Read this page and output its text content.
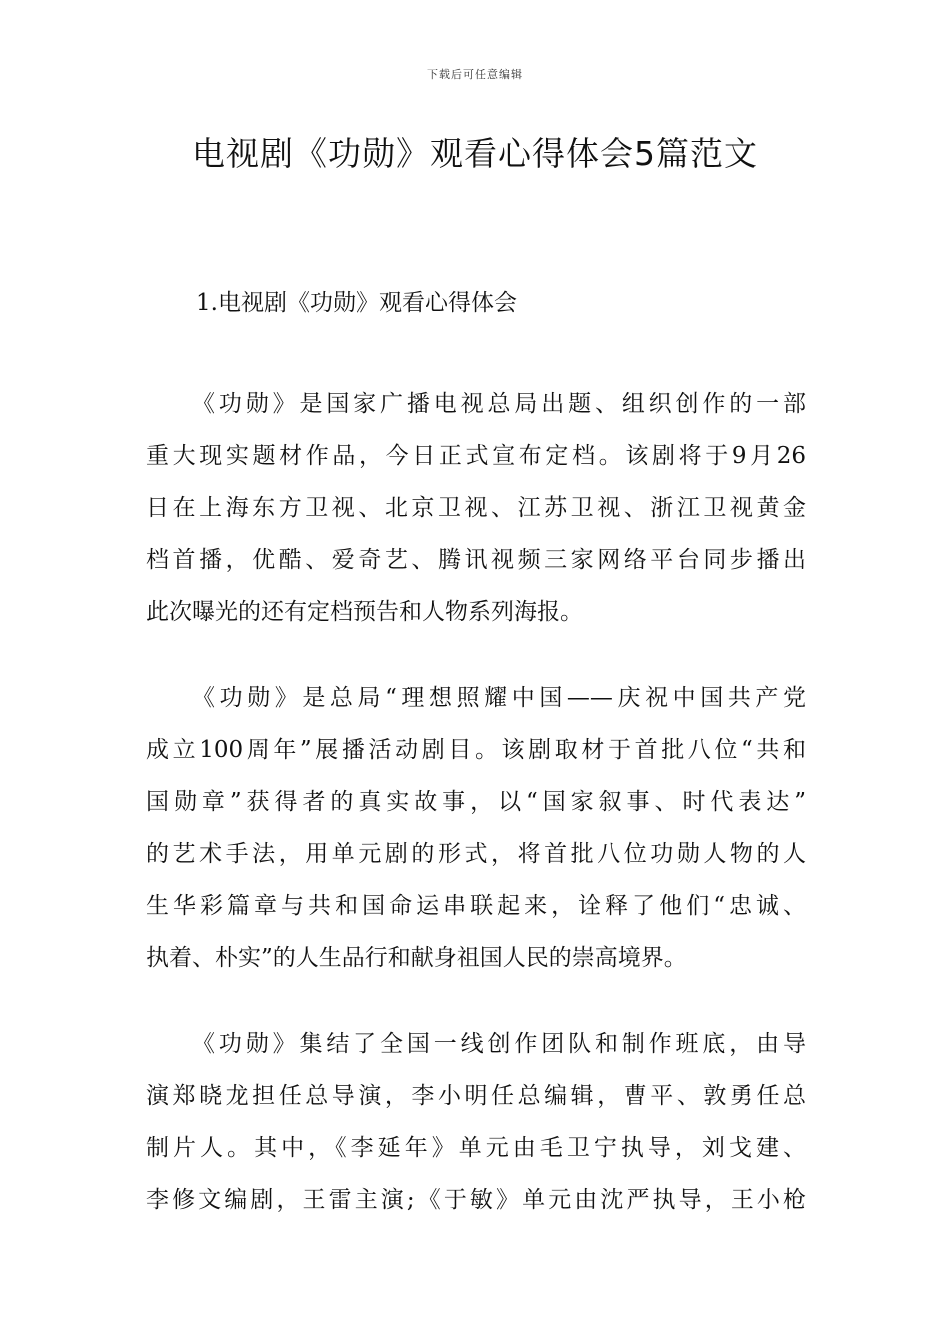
下载后可任意编辑
电视剧《功勋》观看心得体会5篇范文
1.电视剧《功勋》观看心得体会
《功勋》是国家广播电视总局出题、组织创作的一部
重大现实题材作品，今日正式宣布定档。该剧将于9月26
日在上海东方卫视、北京卫视、江苏卫视、浙江卫视黄金
档首播，优酷、爱奇艺、腾讯视频三家网络平台同步播出
此次曝光的还有定档预告和人物系列海报。
《功勋》是总局“理想照耀中国——庆祝中国共产党
成立100周年”展播活动剧目。该剧取材于首批八位“共和
国勋章”获得者的真实故事，以“国家叙事、时代表达”
的艺术手法，用单元剧的形式，将首批八位功勋人物的人
生华彩篇章与共和国命运串联起来，诠释了他们“忠诚、
执着、朴实”的人生品行和献身祖国人民的崇高境界。
《功勋》集结了全国一线创作团队和制作班底，由导
演郑晓龙担任总导演，李小明任总编辑，曹平、敦勇任总
制片人。其中，《李延年》单元由毛卫宁执导，刘戈建、
李修文编剧，王雷主演;《于敏》单元由沈严执导，王小枪
